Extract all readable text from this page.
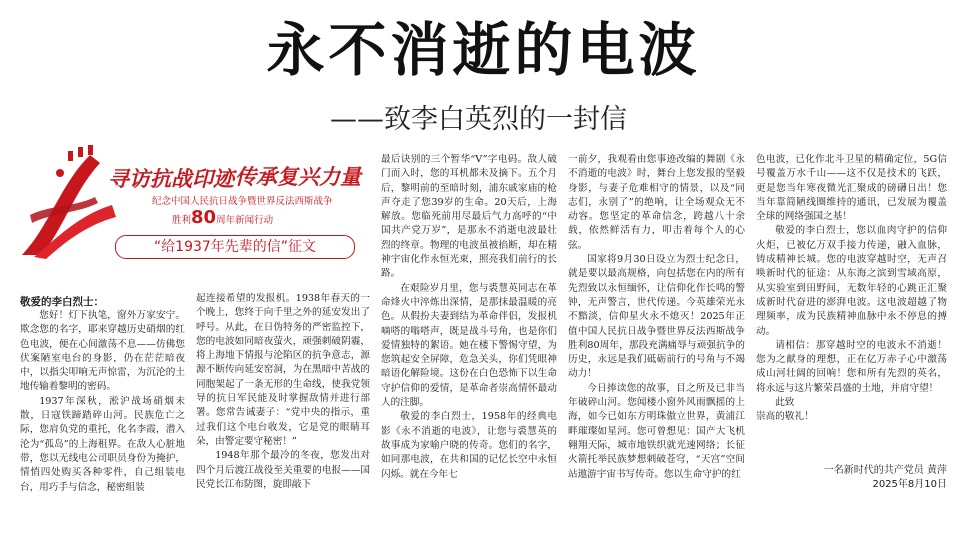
永不消逝的电波
——致李白英烈的一封信
寻访抗战印迹 传承复兴力量
纪念中国人民抗日战争暨世界反法西斯战争
胜利80周年新闻行动
“给1937年先辈的信”征文
敬爱的李白烈士：

您好！灯下执笔，窗外万家安宁。欺念您的名字，耶来穿越历史硝烟的红色电波，便在心间激荡不息——仿佛您伏案陋室电台的身影，仍在茫茫暗夜中，以指尖叩响无声惊雷，为沉沦的土地传输着黎明的密码。

1937年深秋，淞沪战场硝烟未散，日寇铁蹄踏碎山河。民族危亡之际，您肩负党的重托，化名李霞，潜入沦为“孤岛”的上海租界。在敌人心脏地带，您以无线电公司职员身份为掩护，情悄四处购买各种零件，自己组装电台，用巧手与信念，秘密组装

起连接希望的发报机。1938年春天的一个晚上，您终于向千里之外的延安发出了呼号。从此，在日伪特务的严密监控下，您的电波如同暗夜萤火，顽强刺破阴霾，将上海地下情报与沦陷区的抗争意志，源源不断传向延安窑洞，为在黑暗中苦战的同胞架起了一条无形的生命线，使我党领导的抗日军民能及时掌握敌情并进行部署。您常告诫妻子：“党中央的指示，重过我们这个电台收发，它是党的眼睛耳朵，由警定要守秘密！”

1948年那个最冷的冬夜，您发出对四个月后渡江战役至关重要的电报——国民党长江布防图，旋即敲下

最后诀别的三个暂华“V”字电码。敌人破门而入时，您的耳机都未及摘下。五个月后，黎明前的至暗时刻，浦东戚家庙的枪声夺走了您39岁的生命。20天后，上海解放。您临死前用尽最后气力高呼的“中国共产党万岁”，是那永不消逝电波最壮烈的终章。物理的电波虽被掐断，却在精神宇宙化作永恒光束，照亮我们前行的长路。

在艰险岁月里，您与裘慧英同志在革命烽火中淬炼出深情，是那抹最温暖的亮色。从假扮夫妻到结为革命伴侣，发报机嘀嗒的嗡嗒声，既是战斗号角，也是你们爱情独特的絮语。她在楼下警惕守望，为您筑起安全屏障，危急关头，你们凭眼神暗语化解险境。这份在白色恐怖下以生命守护信仰的爱情，是革命者崇高情怀最动人的注脚。

敬爱的李白烈士，1958年的经典电影《永不消逝的电波》，让您与裘慧英的故事成为家喻户晓的传奇。您们的名字，如同那电波，在共和国的记忆长空中永恒闪烁。就在今年七

一前夕，我观看由您事迹改编的舞剧《永不消逝的电波》时，舞台上您发报的坚毅身影，与妻子危难相守的情景，以及“同志们，永别了”的绝响，让全场观众无不动容。您坚定的革命信念，跨越八十余载，依然鲜活有力，叩击着每个人的心弦。

国家将9月30日设立为烈士纪念日，就是要以最高规格，向包括您在内的所有先烈致以永恒缅怀，让信仰化作长鸣的警钟，无声警言，世代传递。今英雄荣光永不黯淡，信仰星火永不熄灭！2025年正值中国人民抗日战争暨世界反法西斯战争胜利80周年，那段充满痛辱与顽强抗争的历史，永远是我们砥砺前行的号角与不竭动力！

今日捧读您的故事，目之所及已非当年破碎山河。您闻楼小窗外风雨飘摇的上海，如今已如东方明珠傲立世界，黄浦江畔璀璨如星河。您可曾想见：国产大飞机翱翔天际，城市地铁织就光速网络；长征火箭托举民族梦想刺破苍穹，“天宫”空间站遨游宇宙书写传奇。您以生命守护的红

色电波，已化作北斗卫星的精确定位，5G信号覆盖万水千山——这不仅是技术的飞跃，更是您当年寒夜微光汇聚成的磅礴日出！您当年靠简陋线圈维持的通讯，已发展为覆盖全球的网络强国之基！

敬爱的李白烈士，您以血肉守护的信仰火炬，已被亿万双手接力传递，融入血脉，铸成精神长城。您的电波穿越时空，无声召唤新时代的征途：从东海之滨到雪域高原，从实验室到田野间，无数年轻的心跳正汇聚成新时代奋进的澎湃电波。这电波超越了物理频率，成为民族精神血脉中永不停息的搏动。

请相信：那穿越时空的电波永不消逝！您为之献身的理想，正在亿万赤子心中激荡成山河壮阔的回响！您和所有先烈的英名，将永远与这片繁荣昌盛的土地，并肩守望！

此致

崇高的敬礼！

一名新时代的共产党员 黄萍
2025年8月10日
